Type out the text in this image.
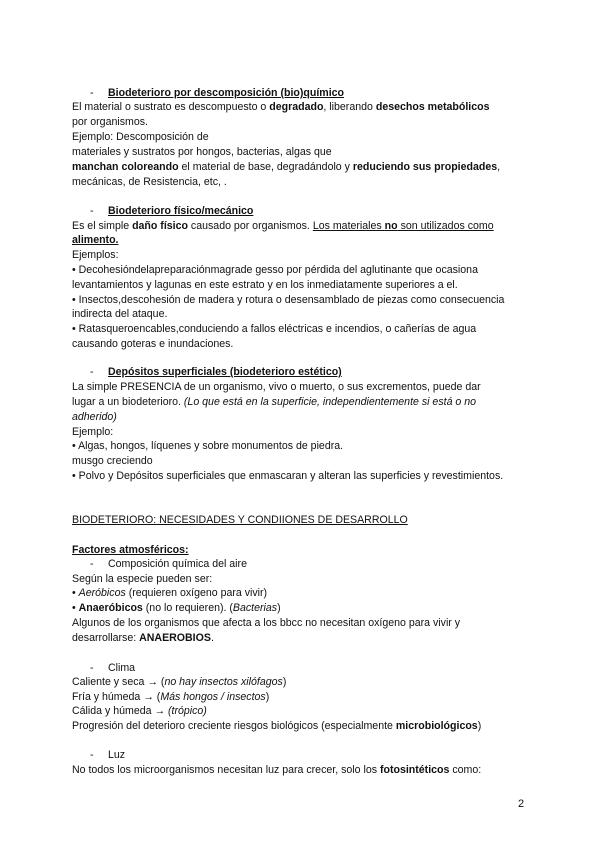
- Biodeterioro por descomposición (bio)químico
El material o sustrato es descompuesto o degradado, liberando desechos metabólicos
por organismos.
Ejemplo: Descomposición de
materiales y sustratos por hongos, bacterias, algas que
manchan coloreando el material de base, degradándolo y reduciendo sus propiedades,
mecánicas, de Resistencia, etc, .
- Biodeterioro físico/mecánico
Es el simple daño físico causado por organismos. Los materiales no son utilizados como
alimento.
Ejemplos:
• Decohesióndelapreparaciónmagrade gesso por pérdida del aglutinante que ocasiona
levantamientos y lagunas en este estrato y en los inmediatamente superiores a el.
• Insectos,descohesión de madera y rotura o desensamblado de piezas como consecuencia
indirecta del ataque.
• Ratasqueroencables,conduciendo a fallos eléctricas e incendios, o cañerías de agua
causando goteras e inundaciones.
- Depósitos superficiales (biodeterioro estético)
La simple PRESENCIA de un organismo, vivo o muerto, o sus excrementos, puede dar
lugar a un biodeterioro. (Lo que está en la superficie, independientemente si está o no
adherido)
Ejemplo:
• Algas, hongos, líquenes y sobre monumentos de piedra.
musgo creciendo
• Polvo y Depósitos superficiales que enmascaran y alteran las superficies y revestimientos.
BIODETERIORO: NECESIDADES Y CONDIIONES DE DESARROLLO
Factores atmosféricos:
- Composición química del aire
Según la especie pueden ser:
• Aeróbicos (requieren oxígeno para vivir)
• Anaeróbicos (no lo requieren). (Bacterias)
Algunos de los organismos que afecta a los bbcc no necesitan oxígeno para vivir y
desarrollarse: ANAEROBIOS.
- Clima
Caliente y seca → (no hay insectos xilófagos)
Fría y húmeda → (Más hongos / insectos)
Cálida y húmeda → (trópico)
Progresión del deterioro creciente riesgos biológicos (especialmente microbiológicos)
- Luz
No todos los microorganismos necesitan luz para crecer, solo los fotosintéticos como:
2
